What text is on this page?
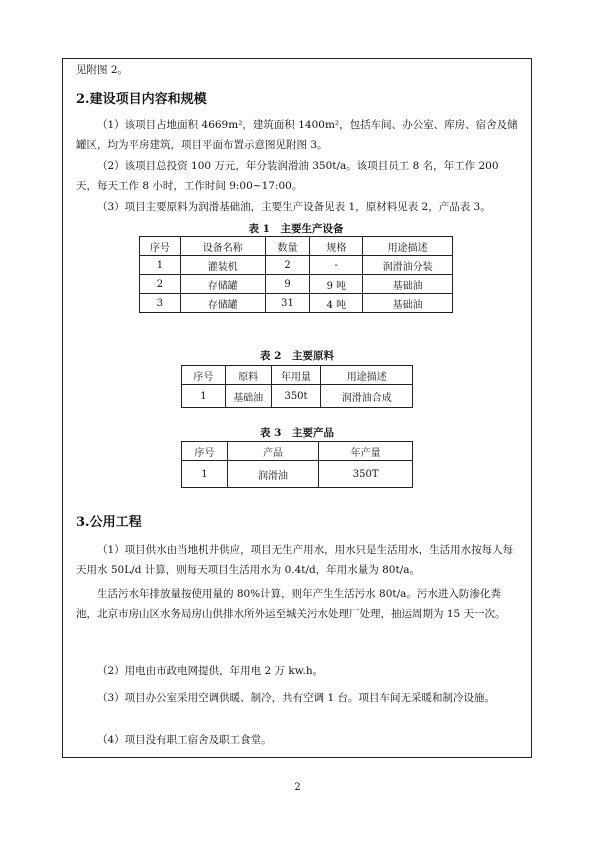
见附图 2。
2.建设项目内容和规模
（1）该项目占地面积 4669m²，建筑面积 1400m²，包括车间、办公室、库房、宿舍及储罐区，均为平房建筑，项目平面布置示意图见附图 3。
（2）该项目总投资 100 万元，年分装润滑油 350t/a。该项目员工 8 名，年工作 200 天，每天工作 8 小时，工作时间 9:00~17:00。
（3）项目主要原料为润滑基础油，主要生产设备见表 1，原材料见表 2，产品表 3。
表 1　主要生产设备
序号	设备名称	数量	规格	用途描述
1	灌装机	2	-	润滑油分装
2	存储罐	9	9 吨	基础油
3	存储罐	31	4 吨	基础油
表 2　主要原料
序号	原料	年用量	用途描述
1	基础油	350t	润滑油合成
表 3　主要产品
序号	产品	年产量
1	润滑油	350T
3.公用工程
（1）项目供水由当地机井供应，项目无生产用水，用水只是生活用水，生活用水按每人每天用水 50L/d 计算，则每天项目生活用水为 0.4t/d，年用水量为 80t/a。
生活污水年排放量按使用量的 80%计算，则年产生生活污水 80t/a。污水进入防渗化粪池，北京市房山区水务局房山供排水所外运至城关污水处理厂处理，抽运周期为 15 天一次。
（2）用电由市政电网提供，年用电 2 万 kw.h。
（3）项目办公室采用空调供暖、制冷，共有空调 1 台。项目车间无采暖和制冷设施。
（4）项目没有职工宿舍及职工食堂。
2
